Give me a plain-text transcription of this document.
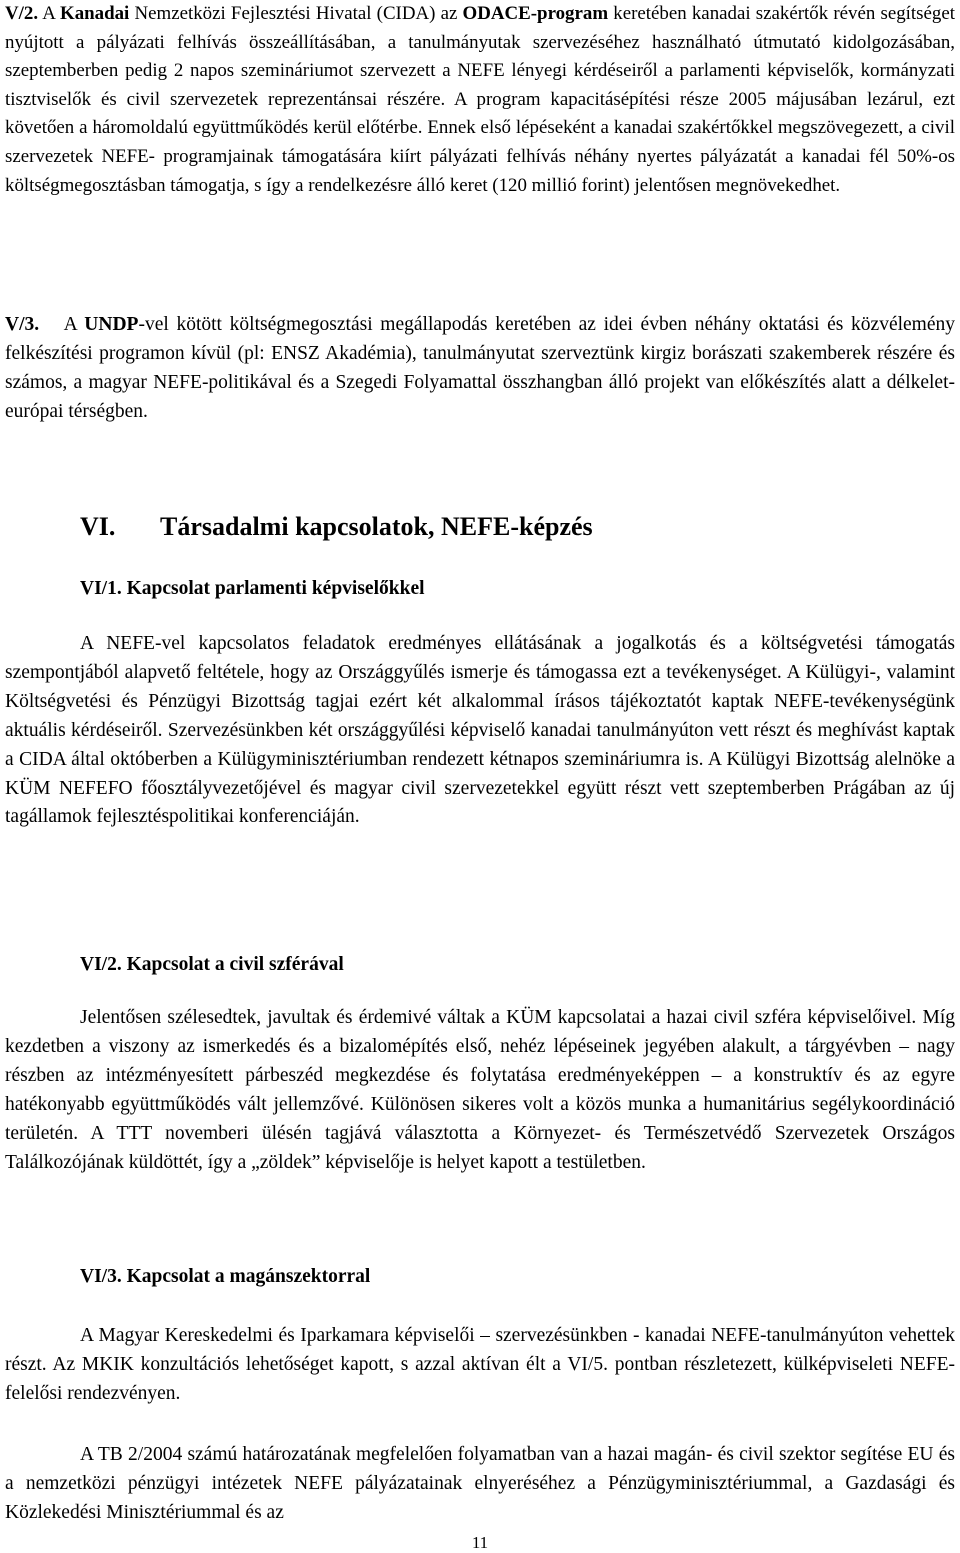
V/2. A Kanadai Nemzetközi Fejlesztési Hivatal (CIDA) az ODACE-program keretében kanadai szakértők révén segítséget nyújtott a pályázati felhívás összeállításában, a tanulmányutak szervezéséhez használható útmutató kidolgozásában, szeptemberben pedig 2 napos szemináriumot szervezett a NEFE lényegi kérdéseiről a parlamenti képviselők, kormányzati tisztviselők és civil szervezetek reprezentánsai részére. A program kapacitásépítési része 2005 májusában lezárul, ezt követően a háromoldalú együttműködés kerül előtérbe. Ennek első lépéseként a kanadai szakértőkkel megszövegezett, a civil szervezetek NEFE- programjainak támogatására kiírt pályázati felhívás néhány nyertes pályázatát a kanadai fél 50%-os költségmegosztásban támogatja, s így a rendelkezésre álló keret (120 millió forint) jelentősen megnövekedhet.

V/3. A UNDP-vel kötött költségmegosztási megállapodás keretében az idei évben néhány oktatási és közvélemény felkészítési programon kívül (pl: ENSZ Akadémia), tanulmányutat szerveztünk kirgiz borászati szakemberek részére és számos, a magyar NEFE-politikával és a Szegedi Folyamattal összhangban álló projekt van előkészítés alatt a délkelet-európai térségben.

VI. Társadalmi kapcsolatok, NEFE-képzés
VI/1. Kapcsolat parlamenti képviselőkkel

A NEFE-vel kapcsolatos feladatok eredményes ellátásának a jogalkotás és a költségvetési támogatás szempontjából alapvető feltétele, hogy az Országgyűlés ismerje és támogassa ezt a tevékenységet. A Külügyi-, valamint Költségvetési és Pénzügyi Bizottság tagjai ezért két alkalommal írásos tájékoztatót kaptak NEFE-tevékenységünk aktuális kérdéseiről. Szervezésünkben két országgyűlési képviselő kanadai tanulmányúton vett részt és meghívást kaptak a CIDA által októberben a Külügyminisztériumban rendezett kétnapos szemináriumra is. A Külügyi Bizottság alelnöke a KÜM NEFEFO főosztályvezetőjével és magyar civil szervezetekkel együtt részt vett szeptemberben Prágában az új tagállamok fejlesztéspolitikai konferenciáján.

VI/2. Kapcsolat a civil szférával

Jelentősen szélesedtek, javultak és érdemivé váltak a KÜM kapcsolatai a hazai civil szféra képviselőivel. Míg kezdetben a viszony az ismerkedés és a bizalomépítés első, nehéz lépéseinek jegyében alakult, a tárgyévben – nagy részben az intézményesített párbeszéd megkezdése és folytatása eredményeképpen – a konstruktív és az egyre hatékonyabb együttműködés vált jellemzővé. Különösen sikeres volt a közös munka a humanitárius segélykoordináció területén. A TTT novemberi ülésén tagjává választotta a Környezet- és Természetvédő Szervezetek Országos Találkozójának küldöttét, így a „zöldek” képviselője is helyet kapott a testületben.

VI/3. Kapcsolat a magánszektorral

A Magyar Kereskedelmi és Iparkamara képviselői – szervezésünkben - kanadai NEFE-tanulmányúton vehettek részt. Az MKIK konzultációs lehetőséget kapott, s azzal aktívan élt a VI/5. pontban részletezett, külképviseleti NEFE-felelősi rendezvényen.

A TB 2/2004 számú határozatának megfelelően folyamatban van a hazai magán- és civil szektor segítése EU és a nemzetközi pénzügyi intézetek NEFE pályázatainak elnyeréséhez a Pénzügyminisztériummal, a Gazdasági és Közlekedési Minisztériummal és az

11
